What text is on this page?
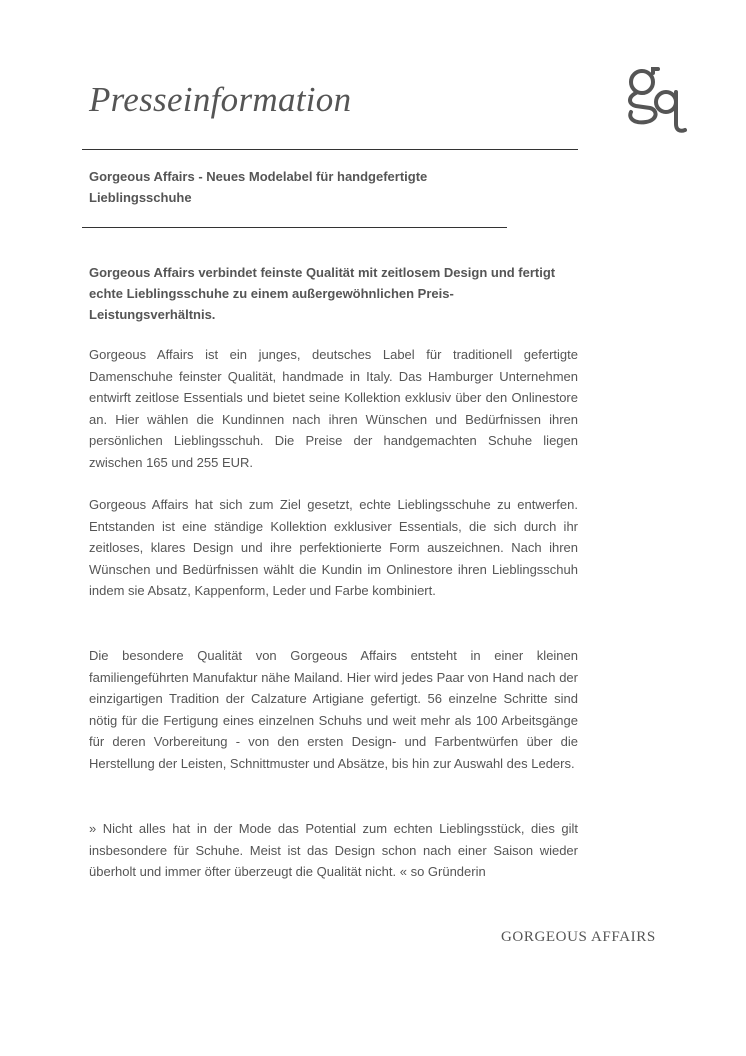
Presseinformation

Gorgeous Affairs - Neues Modelabel für handgefertigte Lieblingsschuhe

Gorgeous Affairs verbindet feinste Qualität mit zeitlosem Design und fertigt echte Lieblingsschuhe zu einem außergewöhnlichen Preis-Leistungsverhältnis.

Gorgeous Affairs ist ein junges, deutsches Label für traditionell gefertigte Damenschuhe feinster Qualität, handmade in Italy. Das Hamburger Unternehmen entwirft zeitlose Essentials und bietet seine Kollektion exklusiv über den Onlinestore an. Hier wählen die Kundinnen nach ihren Wünschen und Bedürfnissen ihren persönlichen Lieblingsschuh. Die Preise der handgemachten Schuhe liegen zwischen 165 und 255 EUR.

Gorgeous Affairs hat sich zum Ziel gesetzt, echte Lieblingsschuhe zu entwerfen. Entstanden ist eine ständige Kollektion exklusiver Essentials, die sich durch ihr zeitloses, klares Design und ihre perfektionierte Form auszeichnen. Nach ihren Wünschen und Bedürfnissen wählt die Kundin im Onlinestore ihren Lieblingsschuh indem sie Absatz, Kappenform, Leder und Farbe kombiniert.

Die besondere Qualität von Gorgeous Affairs entsteht in einer kleinen familiengeführten Manufaktur nähe Mailand. Hier wird jedes Paar von Hand nach der einzigartigen Tradition der Calzature Artigiane gefertigt. 56 einzelne Schritte sind nötig für die Fertigung eines einzelnen Schuhs und weit mehr als 100 Arbeitsgänge für deren Vorbereitung - von den ersten Design- und Farbentwürfen über die Herstellung der Leisten, Schnittmuster und Absätze, bis hin zur Auswahl des Leders.

» Nicht alles hat in der Mode das Potential zum echten Lieblingsstück, dies gilt insbesondere für Schuhe. Meist ist das Design schon nach einer Saison wieder überholt und immer öfter überzeugt die Qualität nicht. « so Gründerin

GORGEOUS AFFAIRS
